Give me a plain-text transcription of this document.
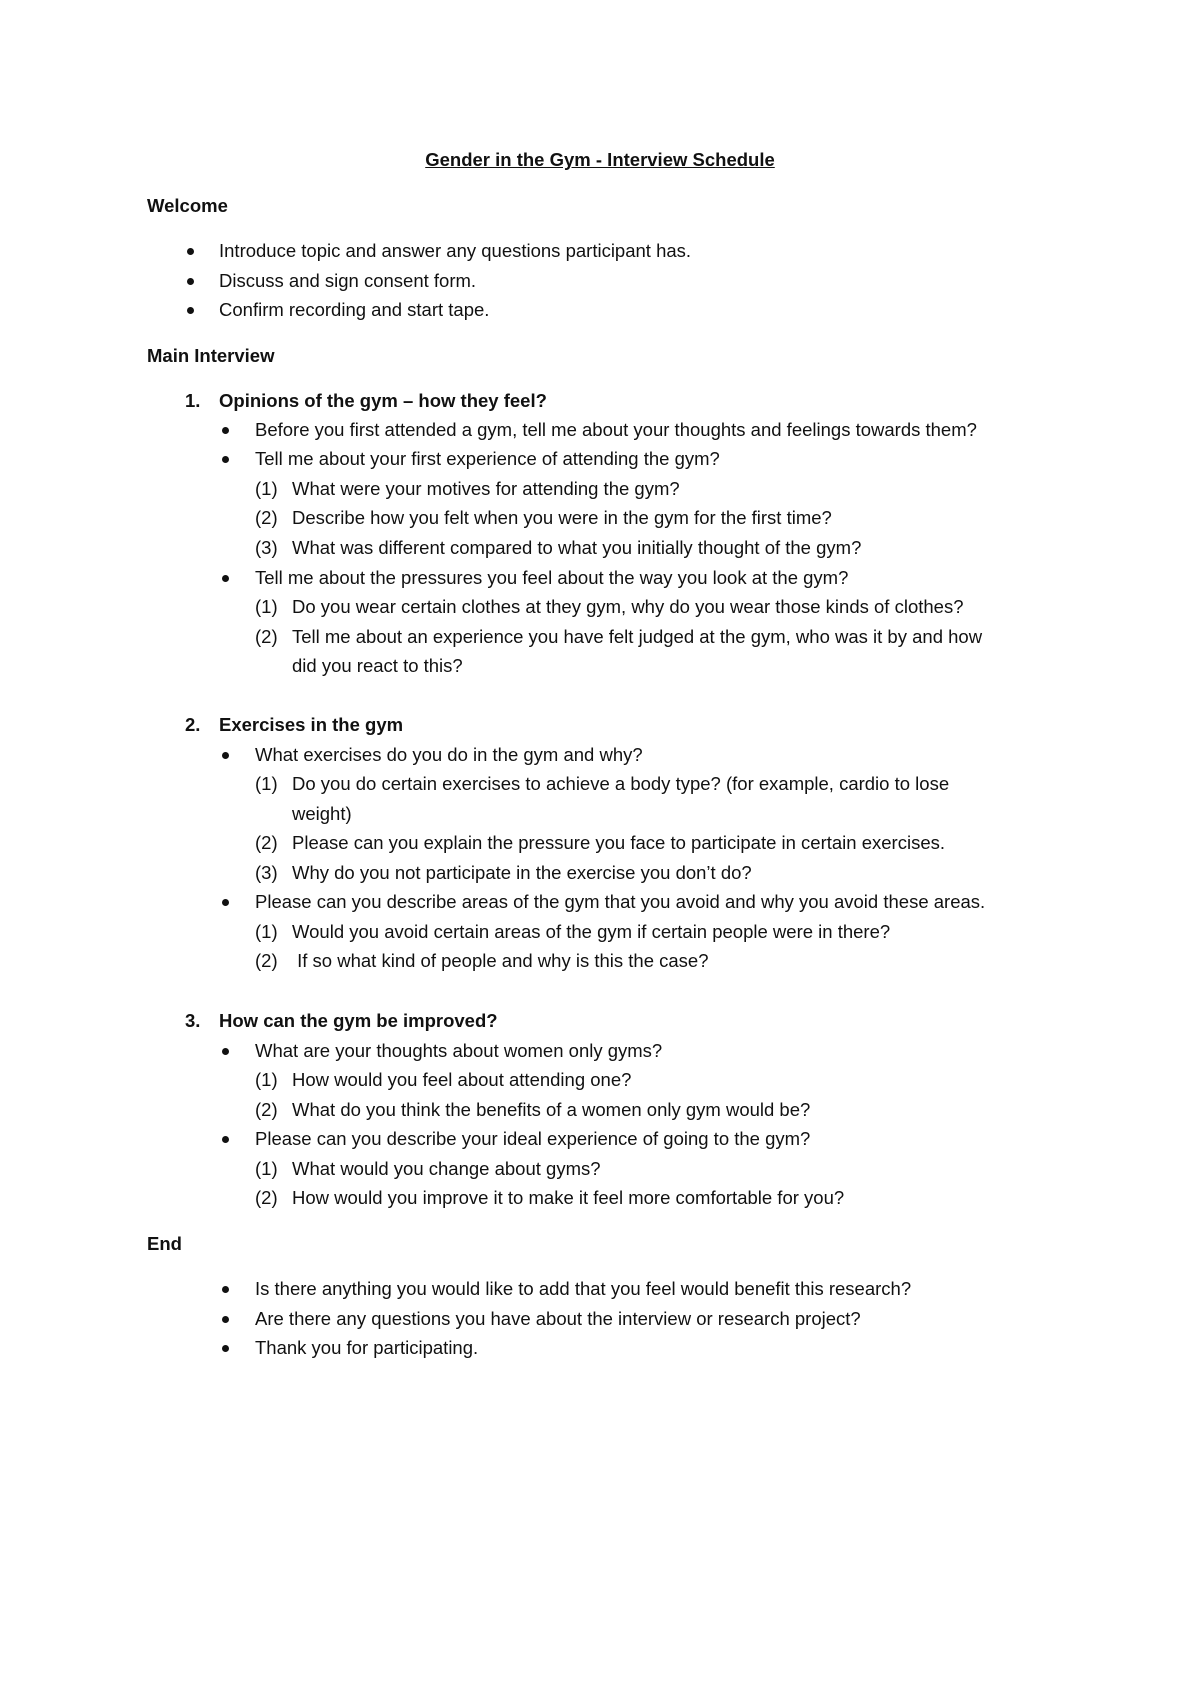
Gender in the Gym - Interview Schedule
Welcome
Introduce topic and answer any questions participant has.
Discuss and sign consent form.
Confirm recording and start tape.
Main Interview
1. Opinions of the gym – how they feel?
Before you first attended a gym, tell me about your thoughts and feelings towards them?
Tell me about your first experience of attending the gym?
(1) What were your motives for attending the gym?
(2) Describe how you felt when you were in the gym for the first time?
(3) What was different compared to what you initially thought of the gym?
Tell me about the pressures you feel about the way you look at the gym?
(1) Do you wear certain clothes at they gym, why do you wear those kinds of clothes?
(2) Tell me about an experience you have felt judged at the gym, who was it by and how
did you react to this?
2. Exercises in the gym
What exercises do you do in the gym and why?
(1) Do you do certain exercises to achieve a body type? (for example, cardio to lose
weight)
(2) Please can you explain the pressure you face to participate in certain exercises.
(3) Why do you not participate in the exercise you don’t do?
Please can you describe areas of the gym that you avoid and why you avoid these areas.
(1) Would you avoid certain areas of the gym if certain people were in there?
(2) If so what kind of people and why is this the case?
3. How can the gym be improved?
What are your thoughts about women only gyms?
(1) How would you feel about attending one?
(2) What do you think the benefits of a women only gym would be?
Please can you describe your ideal experience of going to the gym?
(1) What would you change about gyms?
(2) How would you improve it to make it feel more comfortable for you?
End
Is there anything you would like to add that you feel would benefit this research?
Are there any questions you have about the interview or research project?
Thank you for participating.
